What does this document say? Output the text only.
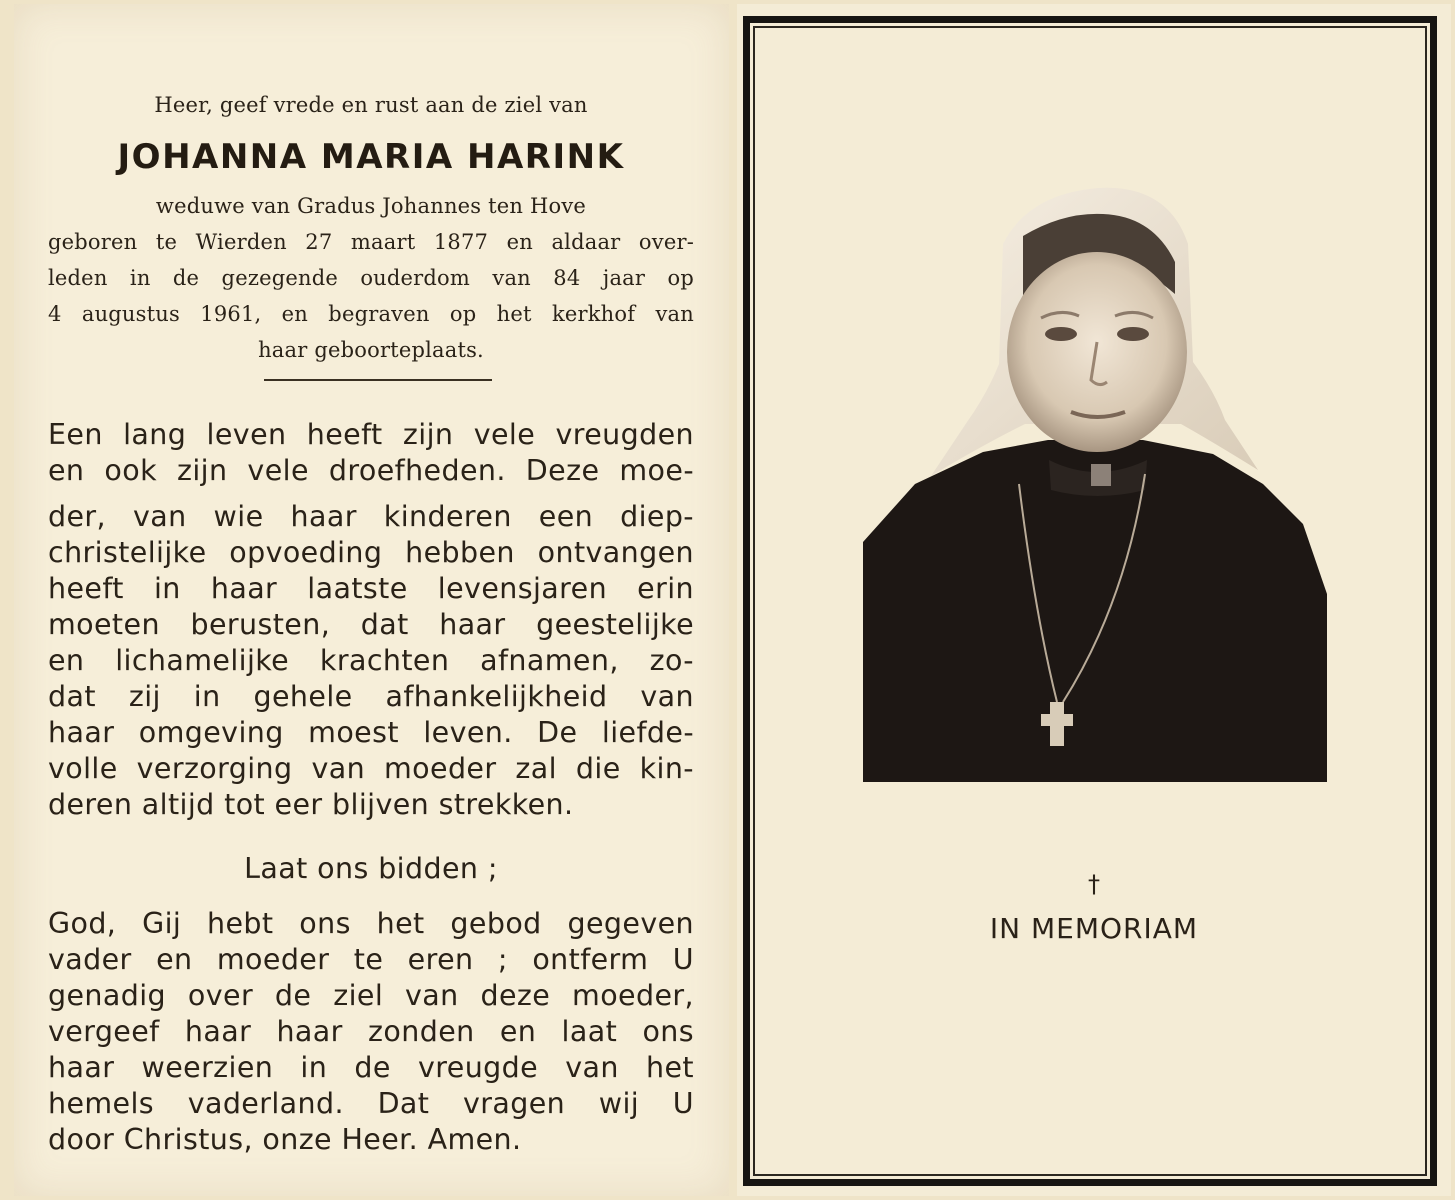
Heer, geef vrede en rust aan de ziel van
JOHANNA MARIA HARINK
weduwe van Gradus Johannes ten Hove
geboren te Wierden 27 maart 1877 en aldaar over-
leden in de gezegende ouderdom van 84 jaar op
4 augustus 1961, en begraven op het kerkhof van
haar geboorteplaats.
Een lang leven heeft zijn vele vreugden
en ook zijn vele droefheden. Deze moe-
der, van wie haar kinderen een diep-
christelijke opvoeding hebben ontvangen
heeft in haar laatste levensjaren erin
moeten berusten, dat haar geestelijke
en lichamelijke krachten afnamen, zo-
dat zij in gehele afhankelijkheid van
haar omgeving moest leven. De liefde-
volle verzorging van moeder zal die kin-
deren altijd tot eer blijven strekken.
Laat ons bidden ;
God, Gij hebt ons het gebod gegeven
vader en moeder te eren ; ontferm U
genadig over de ziel van deze moeder,
vergeef haar haar zonden en laat ons
haar weerzien in de vreugde van het
hemels vaderland. Dat vragen wij U
door Christus, onze Heer. Amen.
†
IN MEMORIAM
